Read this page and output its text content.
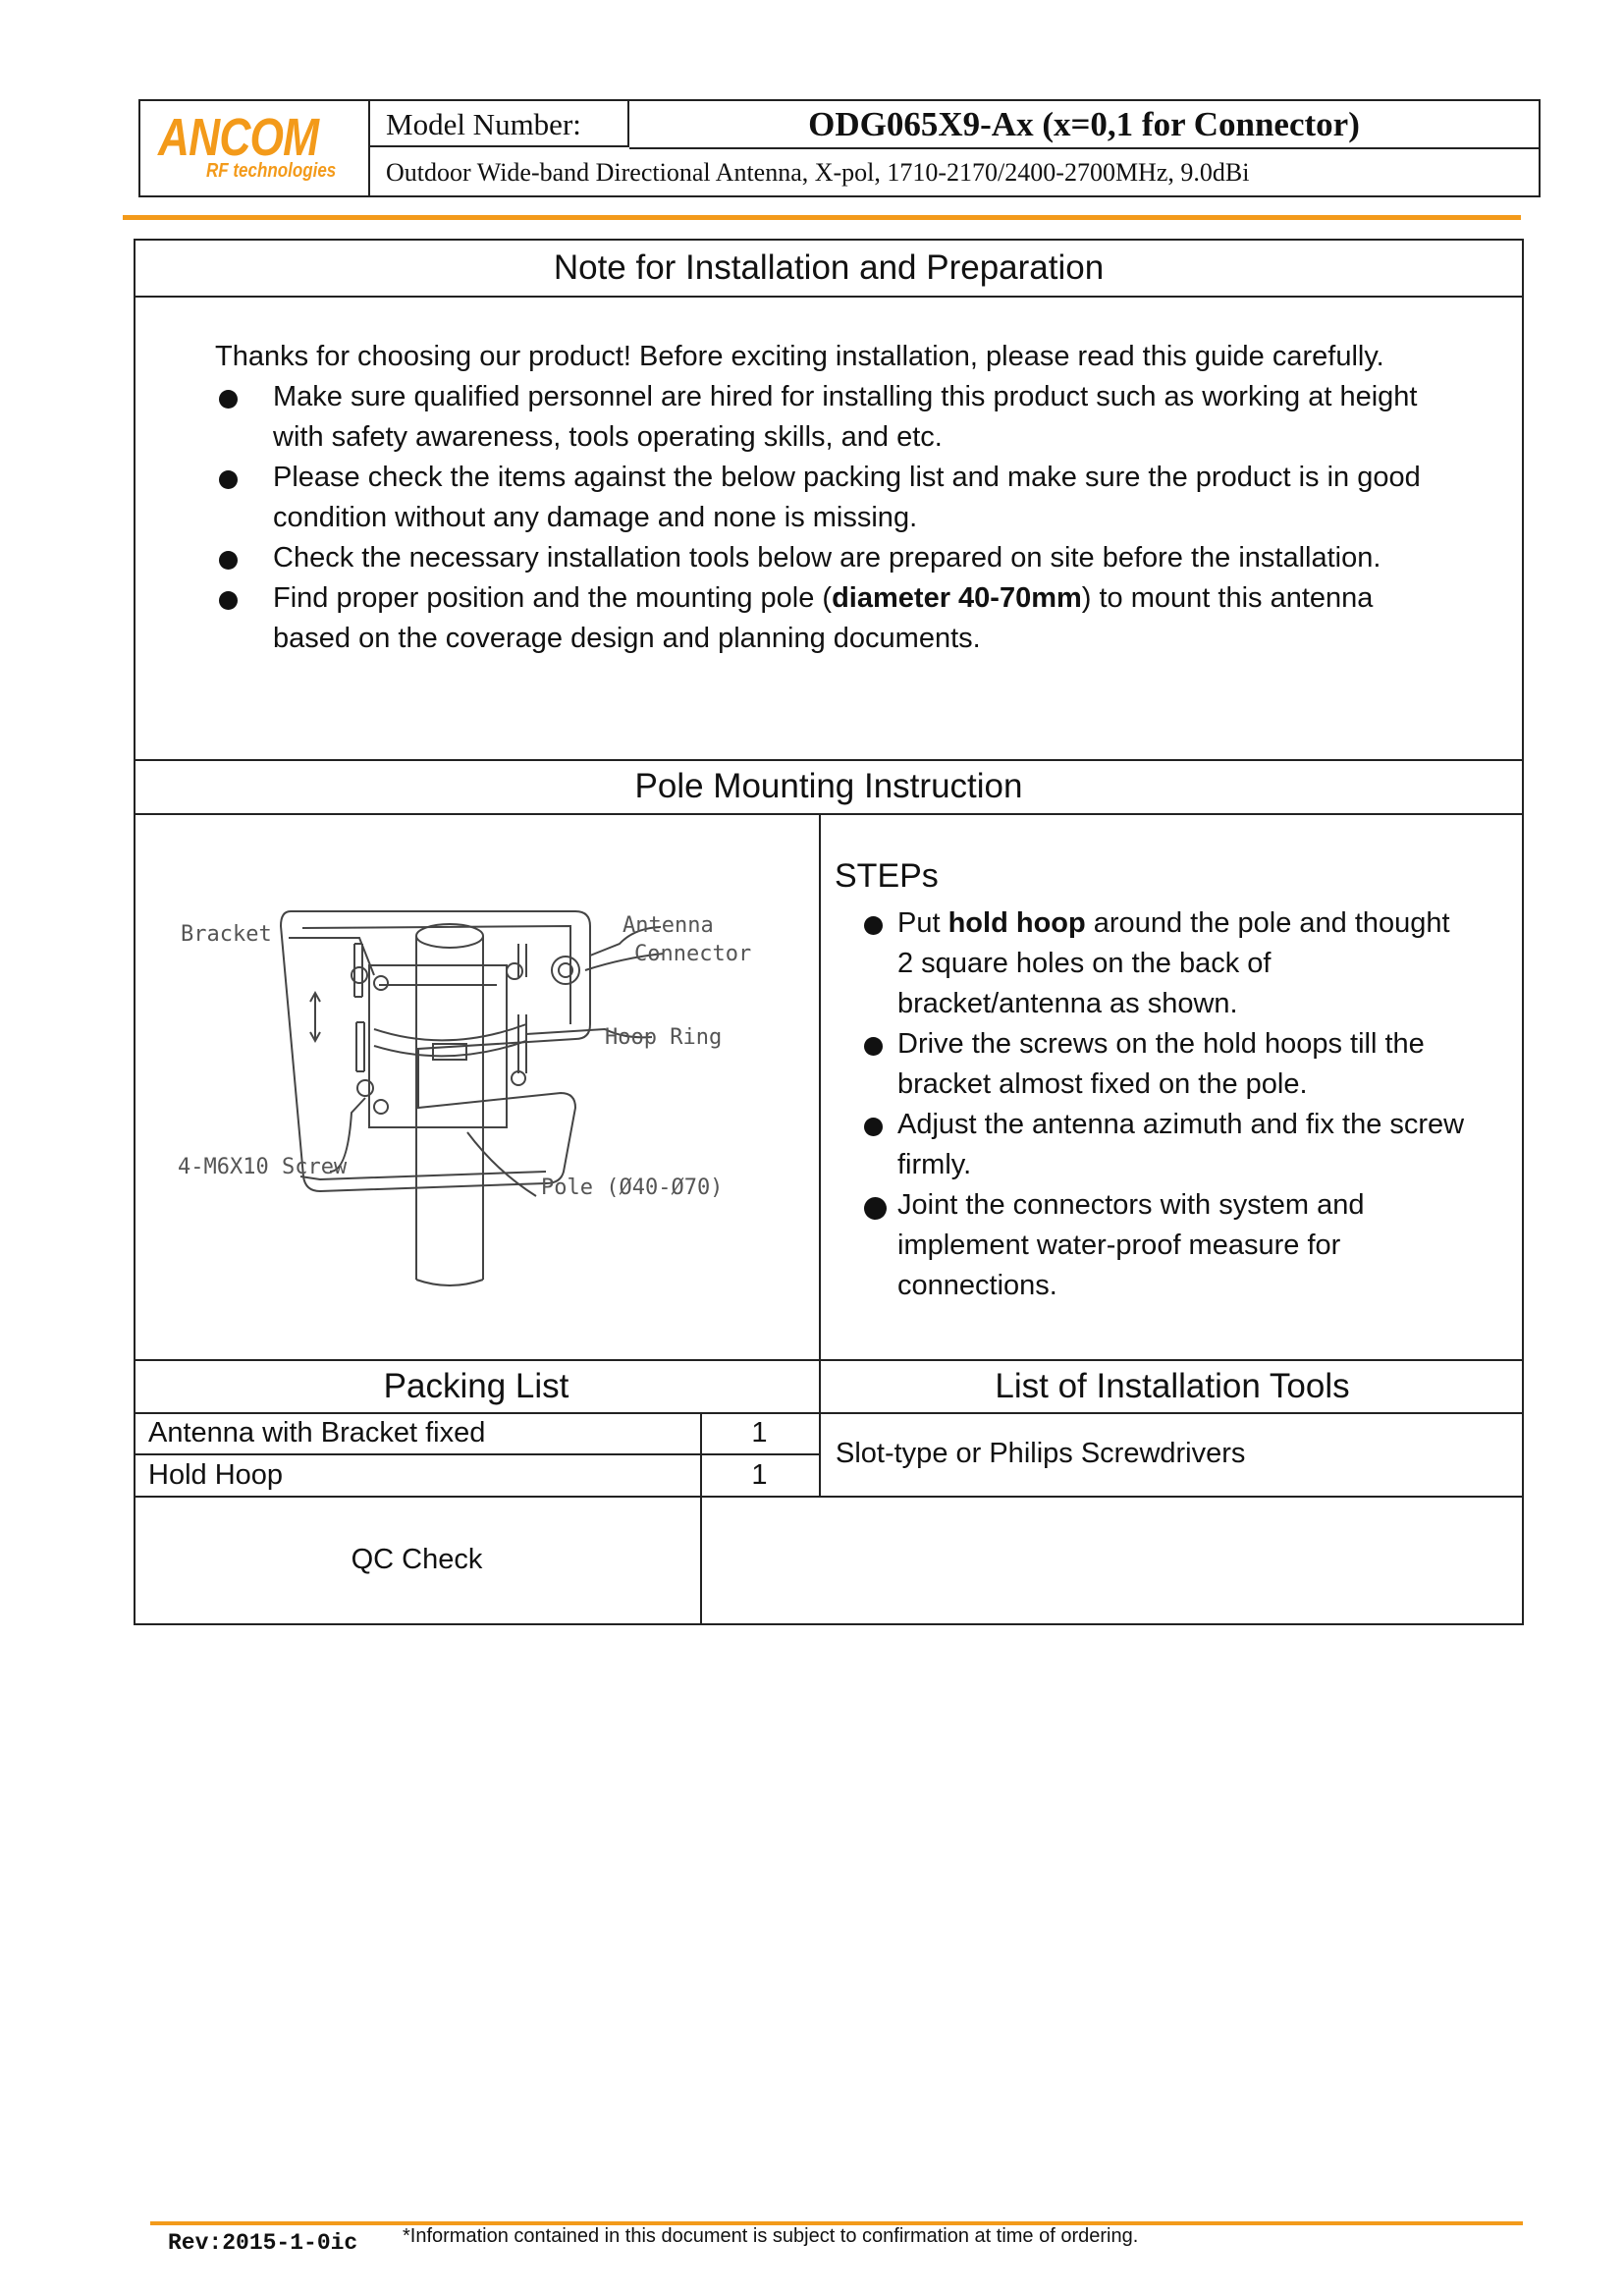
ANCOM
RF technologies
Model Number:	ODG065X9-Ax (x=0,1 for Connector)
Outdoor Wide-band Directional Antenna, X-pol, 1710-2170/2400-2700MHz, 9.0dBi
Note for Installation and Preparation
Thanks for choosing our product! Before exciting installation, please read this guide carefully.
Make sure qualified personnel are hired for installing this product such as working at height
with safety awareness, tools operating skills, and etc.
Please check the items against the below packing list and make sure the product is in good
condition without any damage and none is missing.
Check the necessary installation tools below are prepared on site before the installation.
Find proper position and the mounting pole (diameter 40-70mm) to mount this antenna
based on the coverage design and planning documents.
Pole Mounting Instruction
Bracket	Antenna
Connector
Hoop Ring
4-M6X10 Screw
Pole (Ø40-Ø70)
STEPs
Put hold hoop around the pole and thought
2 square holes on the back of
bracket/antenna as shown.
Drive the screws on the hold hoops till the
bracket almost fixed on the pole.
Adjust the antenna azimuth and fix the screw
firmly.
Joint the connectors with system and
implement water-proof measure for
connections.
Packing List	List of Installation Tools
Antenna with Bracket fixed	1
Hold Hoop	1
Slot-type or Philips Screwdrivers
QC Check
Rev:2015-1-0ic *Information contained in this document is subject to confirmation at time of ordering.
